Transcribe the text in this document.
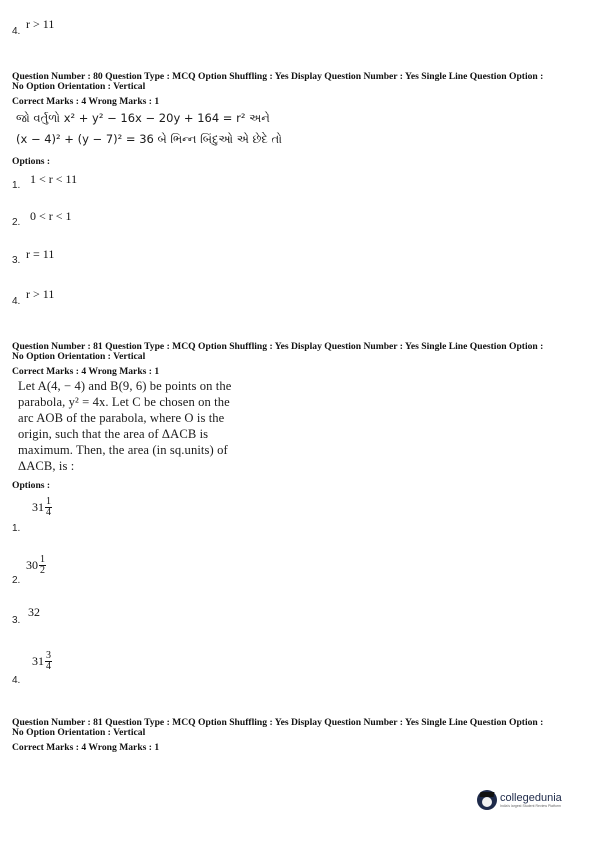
r > 11
4.
Question Number : 80 Question Type : MCQ Option Shuffling : Yes Display Question Number : Yes Single Line Question Option :
No Option Orientation : Vertical
Correct Marks : 4 Wrong Marks : 1
જો વર્તુળો x² + y² − 16x − 20y + 164 = r² અને
(x − 4)² + (y − 7)² = 36 બે ભિન્ન બિંદુઓ એ છેદે તો
Options :
1 < r < 11
1.
0 < r < 1
2.
r = 11
3.
r > 11
4.
Question Number : 81 Question Type : MCQ Option Shuffling : Yes Display Question Number : Yes Single Line Question Option :
No Option Orientation : Vertical
Correct Marks : 4 Wrong Marks : 1
Let A(4, − 4) and B(9, 6) be points on the
parabola, y² = 4x. Let C be chosen on the
arc AOB of the parabola, where O is the
origin, such that the area of ΔACB is
maximum. Then, the area (in sq.units) of
ΔACB, is :
Options :
$31 \frac{1}{4}$
1.
$30 \frac{1}{2}$
2.
32
3.
$31 \frac{3}{4}$
4.
Question Number : 81 Question Type : MCQ Option Shuffling : Yes Display Question Number : Yes Single Line Question Option :
No Option Orientation : Vertical
Correct Marks : 4 Wrong Marks : 1
collegedunia
India's largest Student Review Platform
